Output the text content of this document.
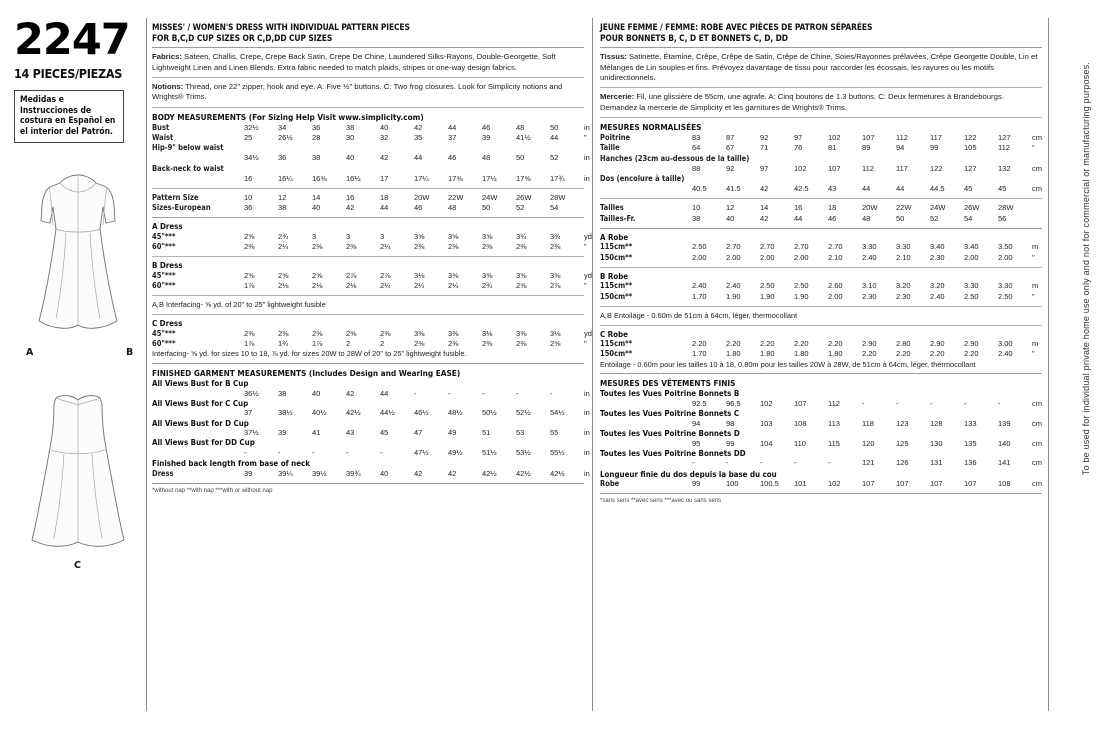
2247
14 PIECES/PIEZAS
Medidas e Instrucciones de costura en Español en el interior del Patrón.
A	B
C
MISSES' / WOMEN'S DRESS WITH INDIVIDUAL PATTERN PIECES
FOR B,C,D CUP SIZES OR C,D,DD CUP SIZES

Fabrics: Sateen, Challis, Crepe, Crepe Back Satin, Crepe De Chine, Laundered Silks-Rayons, Double-Georgette, Soft Lightweight Linen and Linen Blends. Extra fabric needed to match plaids, stripes or one-way design fabrics.

Notions: Thread, one 22" zipper, hook and eye. A: Five ½" buttons. C: Two frog closures. Look for Simplicity notions and Wrights® Trims.

BODY MEASUREMENTS (For Sizing Help Visit www.simplicity.com)
Bust	32½	34	36	38	40	42	44	46	48	50	in
Waist	25	26½	28	30	32	35	37	39	41½	44	"
Hip-9" below waist											
	34½	36	38	40	42	44	46	48	50	52	in
Back-neck to waist											
	16	16¼	16⅜	16½	17	17¼	17⅜	17½	17⅝	17¾	in
Pattern Size	10	12	14	16	18	20W	22W	24W	26W	28W	
Sizes-European	36	38	40	42	44	46	48	50	52	54	
A Dress
45"***	2⅝	2¾	3	3	3	3⅝	3⅝	3⅝	3¾	3¾	yd
60"***	2⅜	2¼	2⅜	2⅜	2¼	2⅜	2⅜	2⅜	2⅜	2⅜	"
B Dress
45"***	2⅝	2⅝	2⅝	2⅞	2⅞	3⅛	3⅜	3⅜	3⅝	3⅝	yd
60"***	1⅞	2⅛	2⅛	2⅛	2¼	2¼	2¼	2¾	2⅝	2⅞	"
A,B Interfacing- ⅝ yd. of 20" to 25" lightweight fusible
C Dress
45"***	2⅜	2⅜	2⅜	2⅜	2⅜	3⅜	3⅜	3⅛	3⅜	3⅛	yd
60"***	1⅞	1¾	1⅞	2	2	2⅜	2⅜	2⅜	2⅜	2⅝	"
Interfacing- ⅝ yd. for sizes 10 to 18, ⅞ yd. for sizes 20W to 28W of 20" to 25" lightweight fusible.
FINISHED GARMENT MEASUREMENTS (Includes Design and Wearing EASE)
All Views Bust for B Cup
	36½	38	40	42	44	-	-	-	-	-	in
All Views Bust for C Cup
	37	38½	40½	42½	44½	46½	48½	50½	52½	54½	in
All Views Bust for D Cup
	37½	39	41	43	45	47	49	51	53	55	in
All Views Bust for DD Cup
	-	-	-	-	-	47½	49½	51½	53½	55½	in
Finished back length from base of neck
Dress	39	39¼	39½	39¾	40	42	42	42½	42½	42½	in
*without nap **with nap ***with or without nap
JEUNE FEMME / FEMME: ROBE AVEC PIÈCES DE PATRON SÉPARÉES
POUR BONNETS B, C, D ET BONNETS C, D, DD

Tissus: Satinette, Étamine, Crêpe, Crêpe de Satin, Crêpe de Chine, Soies/Rayonnes prélavées, Crêpe Georgette Double, Lin et Mélanges de Lin souples et fins. Prévoyez davantage de tissu pour raccorder les écossais, les rayures ou les motifs unidirectionnels.

Mercerie: Fil, une glissière de 55cm, une agrafe. A: Cinq boutons de 1.3 buttons. C: Deux fermetures à Brandebourgs. Demandez la mercerie de Simplicity et les garnitures de Wrights® Trims.

MESURES NORMALISÉES
Poitrine	83	87	92	97	102	107	112	117	122	127	cm
Taille	64	67	71	76	81	89	94	99	105	112	"
Hanches (23cm au-dessous de la taille)											
	88	92	97	102	107	112	117	122	127	132	cm
Dos (encolure à taille)											
	40.5	41.5	42	42.5	43	44	44	44.5	45	45	cm
Tailles	10	12	14	16	18	20W	22W	24W	26W	28W	
Tailles-Fr.	38	40	42	44	46	48	50	52	54	56	
A Robe
115cm**	2.50	2.70	2.70	2.70	2.70	3.30	3.30	3.40	3.40	3.50	m
150cm**	2.00	2.00	2.00	2.00	2.10	2.40	2.10	2.30	2.00	2.00	"
B Robe
115cm**	2.40	2.40	2.50	2.50	2.60	3.10	3.20	3.20	3.30	3.30	m
150cm**	1.70	1.90	1.90	1.90	2.00	2.30	2.30	2.40	2.50	2.50	"
A,B Entoilage - 0.60m de 51cm à 64cm, léger, thermocollant
C Robe
115cm**	2.20	2.20	2.20	2.20	2.20	2.90	2.80	2.90	2.90	3.00	m
150cm**	1.70	1.80	1.80	1.80	1.80	2.20	2.20	2.20	2.20	2.40	"
Entoilage - 0.60m pour les tailles 10 à 18, 0.80m pour les tailles 20W à 28W, de 51cm à 64cm, léger, thermocollant
MESURES DES VÊTEMENTS FINIS
Toutes les Vues Poitrine Bonnets B
	92.5	96.5	102	107	112	-	-	-	-	-	cm
Toutes les Vues Poitrine Bonnets C
	94	98	103	108	113	118	123	128	133	139	cm
Toutes les Vues Poitrine Bonnets D
	95	99	104	110	115	120	125	130	135	140	cm
Toutes les Vues Poitrine Bonnets DD
	-	-	-	-	-	121	126	131	136	141	cm
Longueur finie du dos depuis la base du cou
Robe	99	100	100.5	101	102	107	107	107	107	108	cm
*sans sens **avec sens ***avec ou sans sens
To be used for individual private home use only and not for commercial or manufacturing purposes.
